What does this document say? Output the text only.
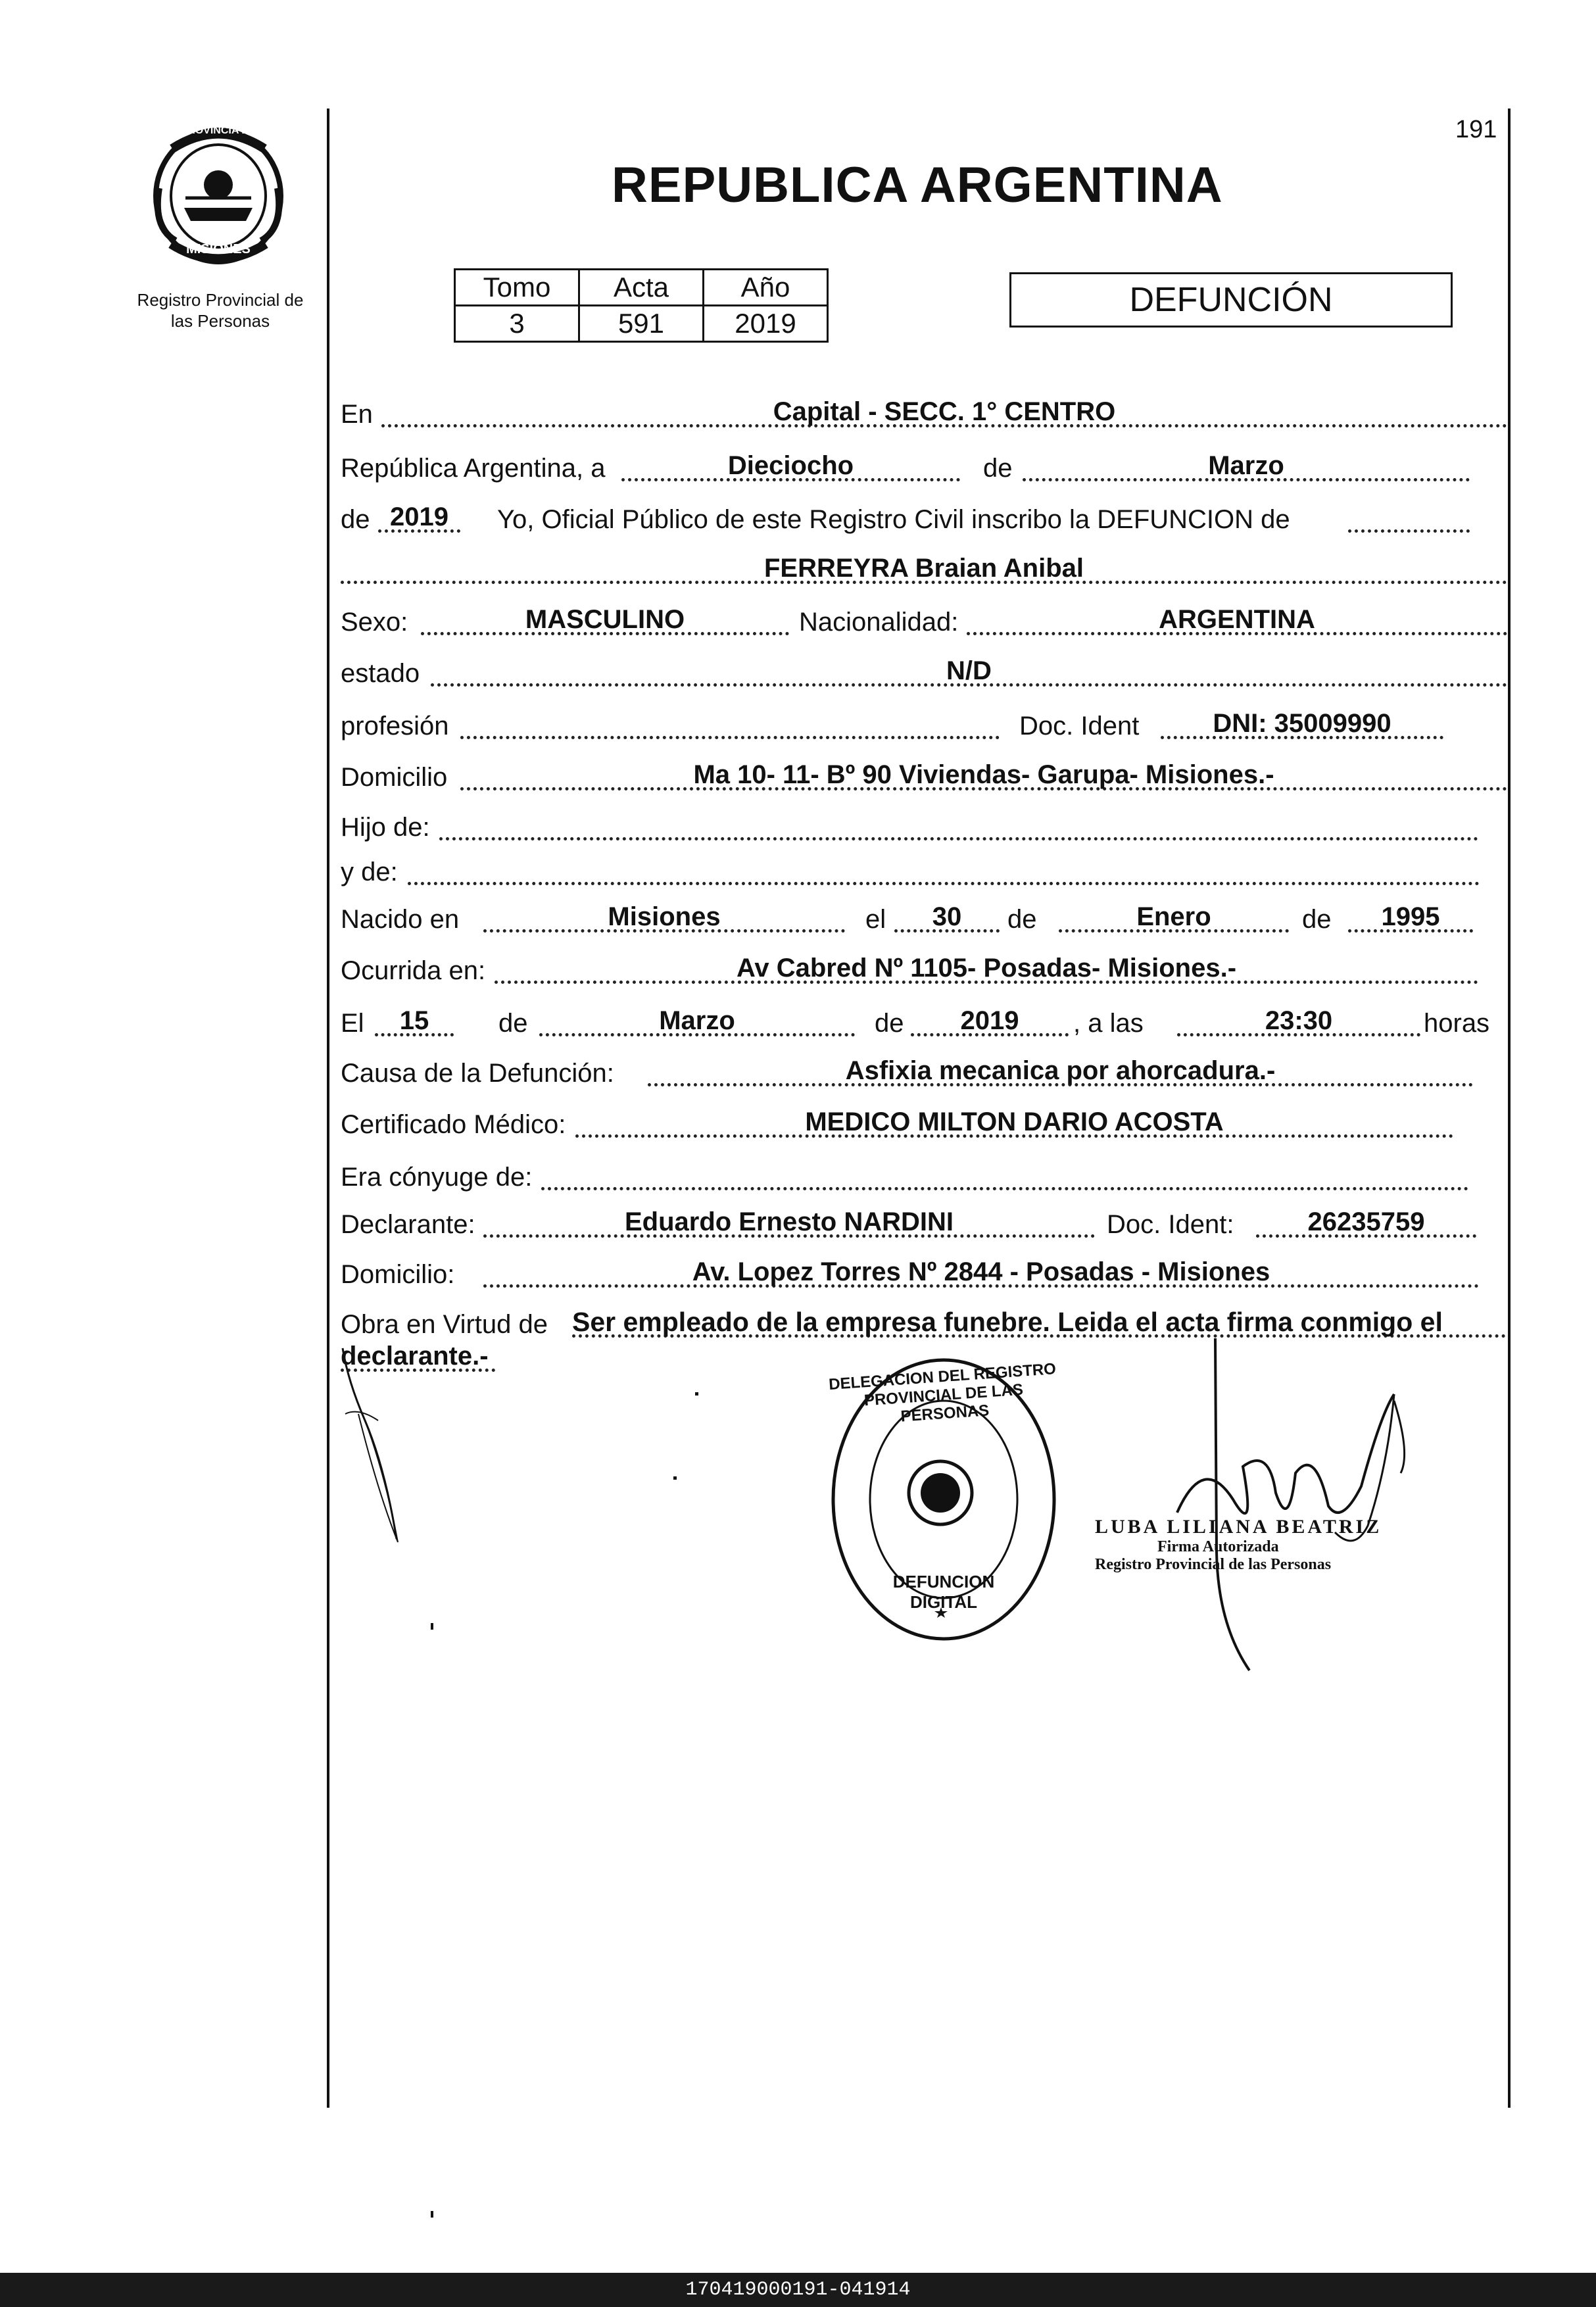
191
PROVINCIA DE
MISIONES
Registro Provincial de
las Personas
REPUBLICA ARGENTINA
Tomo	Acta	Año
3	591	2019
DEFUNCIÓN
En	Capital - SECC. 1° CENTRO
República Argentina, a	Dieciocho	de	Marzo
de 2019	Yo, Oficial Público de este Registro Civil inscribo la DEFUNCION de
FERREYRA Braian Anibal
Sexo:	MASCULINO	Nacionalidad:	ARGENTINA
estado	N/D
profesión	Doc. Ident	DNI: 35009990
Domicilio	Ma 10- 11- Bº 90 Viviendas- Garupa- Misiones.-
Hijo de:
y de:
Nacido en	Misiones	el	30	de	Enero	de	1995
Ocurrida en:	Av Cabred Nº 1105- Posadas- Misiones.-
El	15	de	Marzo	de	2019	, a las	23:30	horas
Causa de la Defunción:	Asfixia mecanica por ahorcadura.-
Certificado Médico:	MEDICO MILTON DARIO ACOSTA
Era cónyuge de:
Declarante:	Eduardo Ernesto NARDINI	Doc. Ident:	26235759
Domicilio:	Av. Lopez Torres Nº 2844 - Posadas - Misiones
Obra en Virtud de Ser empleado de la empresa funebre. Leida el acta firma conmigo el
declarante.-
DELEGACION DEL REGISTRO PROVINCIAL DE LAS PERSONAS
DEFUNCION DIGITAL
LUBA LILIANA BEATRIZ
Firma Autorizada
Registro Provincial de las Personas
170419000191-041914
